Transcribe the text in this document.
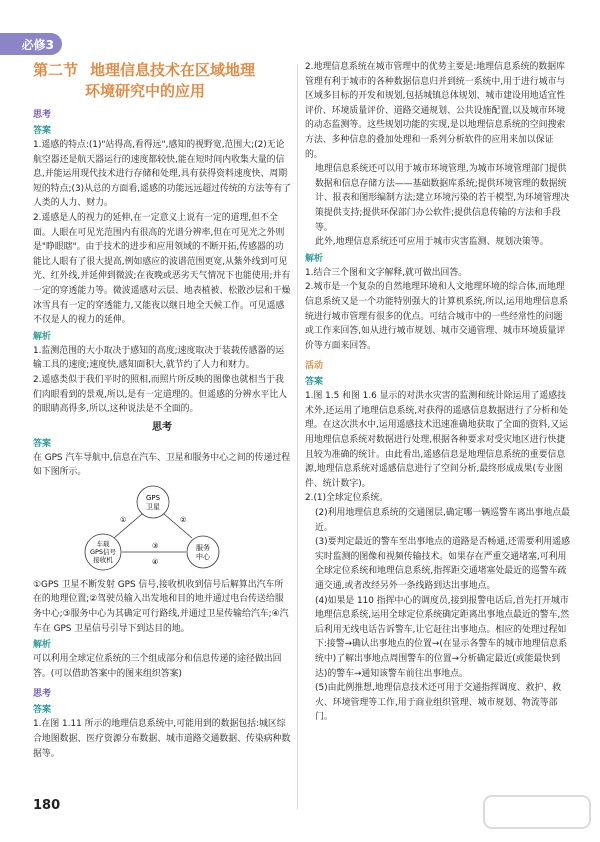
必修3
第二节 地理信息技术在区域地理
环境研究中的应用
思考
答案

1.遥感的特点:(1)"站得高,看得远",感知的视野宽,范围大;(2)无论航空器还是航天器运行的速度都较快,能在短时间内收集大量的信息,并能运用现代技术进行存储和处理,具有获得资料速度快、周期短的特点;(3)从总的方面看,遥感的功能远远超过传统的方法等有了人类的人力、财力。

2.遥感是人的视力的延伸,在一定意义上说有一定的道理,但不全面。人眼在可见光范围内有很高的光谱分辨率,但在可见光之外则是"睁眼瞎"。由于技术的进步和应用领域的不断开拓,传感器的功能比人眼有了很大提高,例如感应的波谱范围更宽,从紫外线到可见光、红外线,并延伸到微波;在夜晚或恶劣天气情况下也能使用;并有一定的穿透能力等。微波遥感对云层、地表植被、松散沙层和干燥冰雪具有一定的穿透能力,又能夜以继日地全天候工作。可见遥感不仅是人的视力的延伸。

解析

1.监测范围的大小取决于感知的高度;速度取决于装载传感器的运输工具的速度;速度快,感知面积大,就节约了人力和财力。

2.遥感类似于我们平时的照相,而照片所反映的图像也就相当于我们肉眼看到的景观,所以,是有一定道理的。但遥感的分辨水平比人的眼睛高得多,所以,这种说法是不全面的。

思考
答案

在 GPS 汽车导航中,信息在汽车、卫星和服务中心之间的传递过程如下图所示。

GPS
卫星
车载
GPS信号
接收机
服务
中心
①	②
③
④

①GPS 卫星不断发射 GPS 信号,接收机收到信号后解算出汽车所在的地理位置;②驾驶员输入出发地和目的地并通过电台传送给服务中心;③服务中心为其确定可行路线,并通过卫星传输给汽车;④汽车在 GPS 卫星信号引导下到达目的地。

解析

可以利用全球定位系统的三个组成部分和信息传递的途径做出回答。(可以借助答案中的图来组织答案)

思考
答案

1.在图 1.11 所示的地理信息系统中,可能用到的数据包括:城区综合地图数据、医疗资源分布数据、城市道路交通数据、传染病种数据等。

2.地理信息系统在城市管理中的优势主要是:地理信息系统的数据库管理有利于城市的各种数据信息归并到统一系统中,用于进行城市与区域多目标的开发和规划,包括城镇总体规划、城市建设用地适宜性评价、环境质量评价、道路交通规划、公共设施配置,以及城市环境的动态监测等。这些规划功能的实现,是以地理信息系统的空间搜索方法、多种信息的叠加处理和一系列分析软件的应用来加以保证的。

地理信息系统还可以用于城市环境管理,为城市环境管理部门提供数据和信息存储方法——基础数据库系统;提供环境管理的数据统计、报表和图形编制方法;建立环境污染的若干模型,为环境管理决策提供支持;提供环保部门办公软件;提供信息传输的方法和手段等。

此外,地理信息系统还可应用于城市灾害监测、规划决策等。

解析

1.结合三个图和文字解释,就可做出回答。

2.城市是一个复杂的自然地理环境和人文地理环境的综合体,而地理信息系统又是一个功能特别强大的计算机系统,所以,运用地理信息系统进行城市管理有很多的优点。可结合城市中的一些经常性的问题或工作来回答,如从进行城市规划、城市交通管理、城市环境质量评价等方面来回答。

活动
答案

1.图 1.5 和图 1.6 显示的对洪水灾害的监测和统计除运用了遥感技术外,还运用了地理信息系统,对获得的遥感信息数据进行了分析和处理。在这次洪水中,运用遥感技术迅速准确地获取了全面的资料,又运用地理信息系统对数据进行处理,根据各种要求对受灾地区进行快捷且较为准确的统计。由此看出,遥感信息是地理信息系统的重要信息源,地理信息系统对遥感信息进行了空间分析,最终形成成果(专业图件、统计数字)。

2.(1)全球定位系统。

(2)利用地理信息系统的交通图层,确定哪一辆巡警车离出事地点最近。

(3)要判定最近的警车至出事地点的道路是否畅通,还需要利用遥感实时监测的图像和视频传输技术。如果存在严重交通堵塞,可利用全球定位系统和地理信息系统,指挥距交通堵塞处最近的巡警车疏通交通,或者改经另外一条线路到达出事地点。

(4)如果是 110 指挥中心的调度员,接到报警电话后,首先打开城市地理信息系统,运用全球定位系统确定距离出事地点最近的警车,然后利用无线电话告诉警车,让它赶往出事地点。相应的处理过程如下:接警→确认出事地点的位置→(在显示各警车的城市地理信息系统中)了解出事地点周围警车的位置→分析确定最近(或能最快到达)的警车→通知该警车前往出事地点。

(5)由此例推想,地理信息技术还可用于交通指挥调度、救护、救火、环境管理等工作,用于商业组织管理、城市规划、物流等部门。

180
